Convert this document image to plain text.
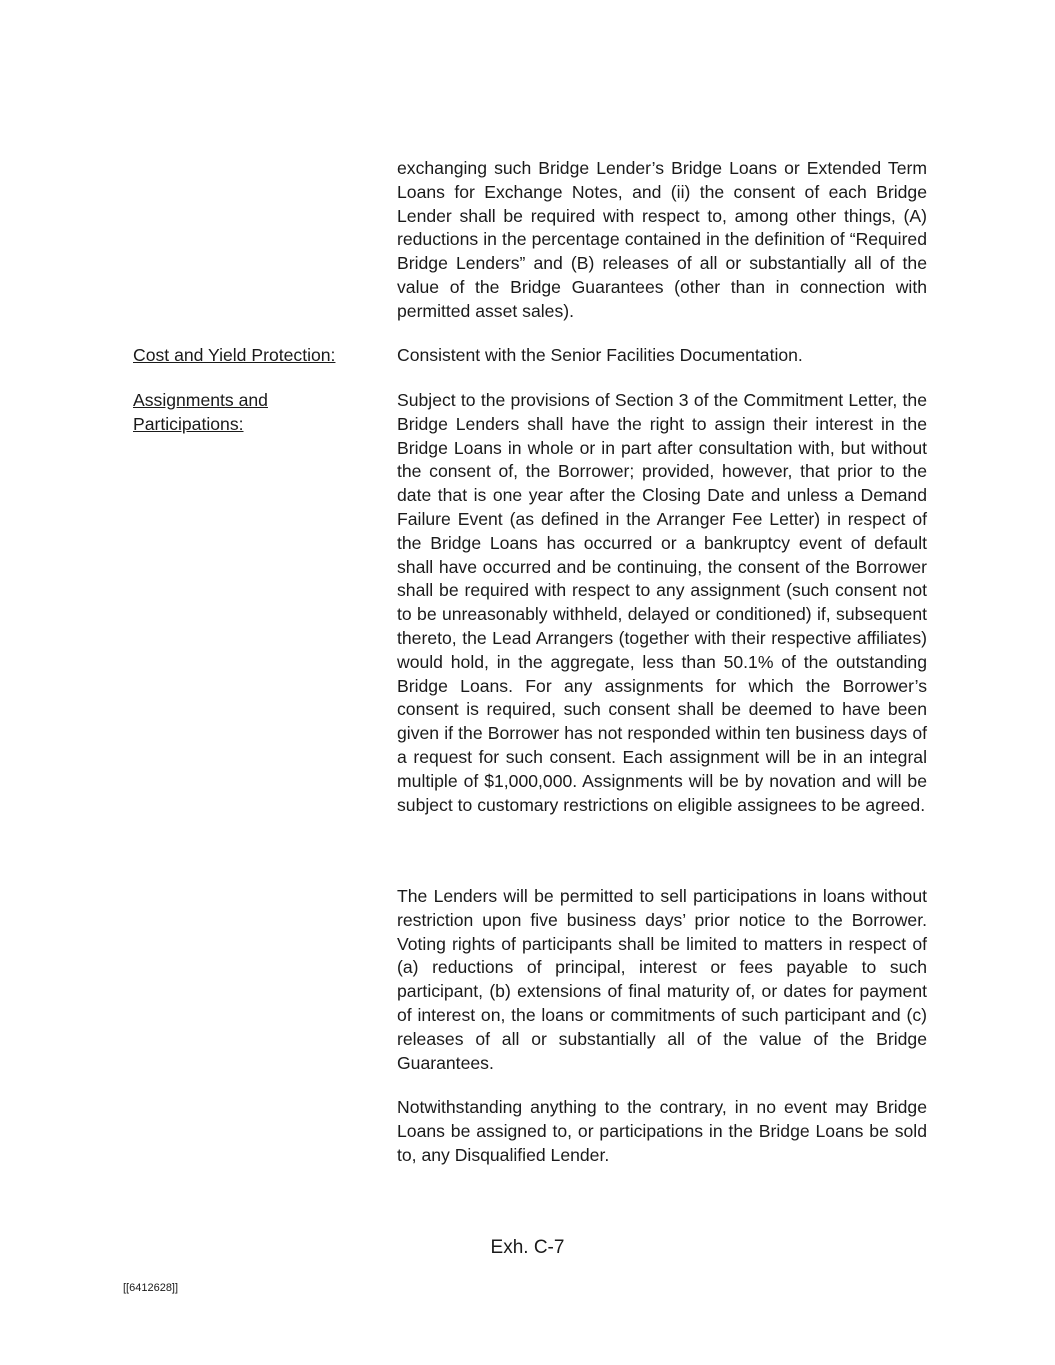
exchanging such Bridge Lender’s Bridge Loans or Extended Term Loans for Exchange Notes, and (ii) the consent of each Bridge Lender shall be required with respect to, among other things, (A) reductions in the percentage contained in the definition of “Required Bridge Lenders” and (B) releases of all or substantially all of the value of the Bridge Guarantees (other than in connection with permitted asset sales).

Cost and Yield Protection:	Consistent with the Senior Facilities Documentation.

Assignments and
Participations:

Subject to the provisions of Section 3 of the Commitment Letter, the Bridge Lenders shall have the right to assign their interest in the Bridge Loans in whole or in part after consultation with, but without the consent of, the Borrower; provided, however, that prior to the date that is one year after the Closing Date and unless a Demand Failure Event (as defined in the Arranger Fee Letter) in respect of the Bridge Loans has occurred or a bankruptcy event of default shall have occurred and be continuing, the consent of the Borrower shall be required with respect to any assignment (such consent not to be unreasonably withheld, delayed or conditioned) if, subsequent thereto, the Lead Arrangers (together with their respective affiliates) would hold, in the aggregate, less than 50.1% of the outstanding Bridge Loans. For any assignments for which the Borrower’s consent is required, such consent shall be deemed to have been given if the Borrower has not responded within ten business days of a request for such consent. Each assignment will be in an integral multiple of $1,000,000. Assignments will be by novation and will be subject to customary restrictions on eligible assignees to be agreed.

The Lenders will be permitted to sell participations in loans without restriction upon five business days’ prior notice to the Borrower. Voting rights of participants shall be limited to matters in respect of (a) reductions of principal, interest or fees payable to such participant, (b) extensions of final maturity of, or dates for payment of interest on, the loans or commitments of such participant and (c) releases of all or substantially all of the value of the Bridge Guarantees.

Notwithstanding anything to the contrary, in no event may Bridge Loans be assigned to, or participations in the Bridge Loans be sold to, any Disqualified Lender.

Exh. C-7

[[6412628]]
